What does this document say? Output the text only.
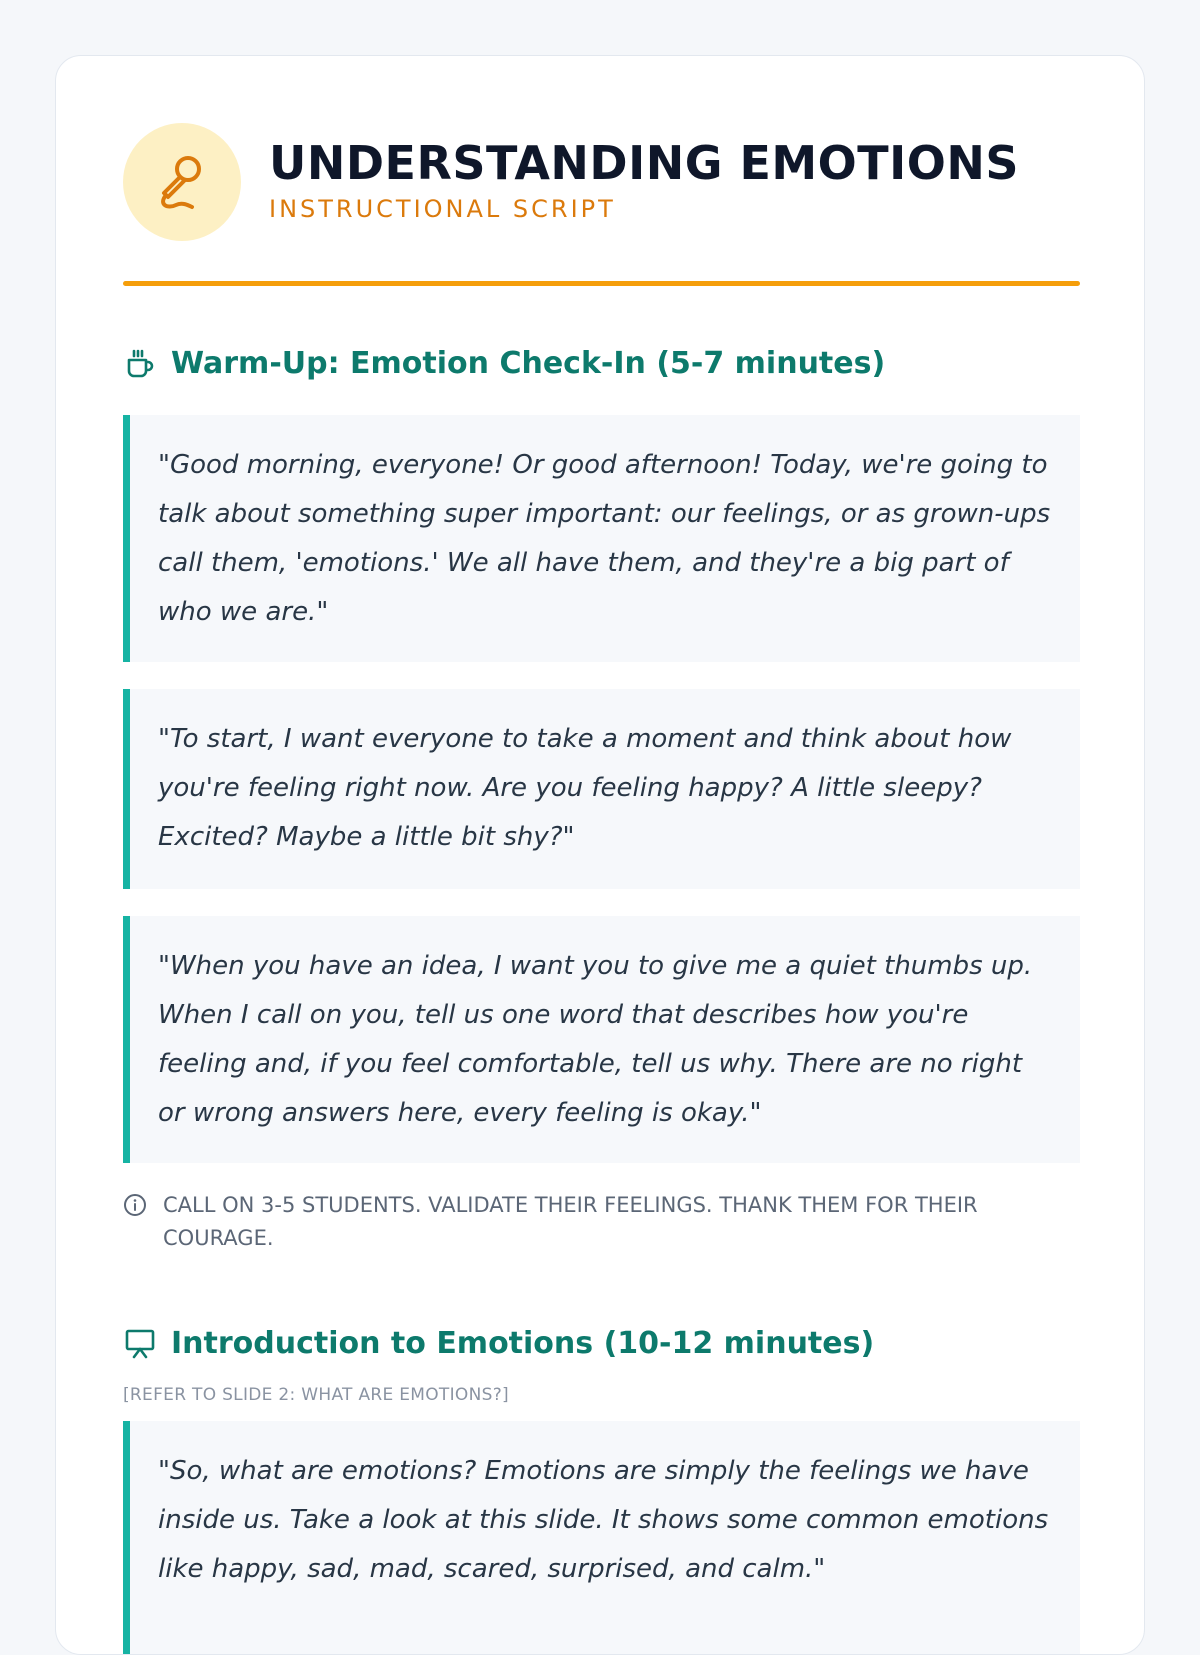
UNDERSTANDING EMOTIONS
INSTRUCTIONAL SCRIPT
Warm-Up: Emotion Check-In (5-7 minutes)
"Good morning, everyone! Or good afternoon! Today, we're going to talk about something super important: our feelings, or as grown-ups call them, 'emotions.' We all have them, and they're a big part of who we are."
"To start, I want everyone to take a moment and think about how you're feeling right now. Are you feeling happy? A little sleepy? Excited? Maybe a little bit shy?"
"When you have an idea, I want you to give me a quiet thumbs up. When I call on you, tell us one word that describes how you're feeling and, if you feel comfortable, tell us why. There are no right or wrong answers here, every feeling is okay."
CALL ON 3-5 STUDENTS. VALIDATE THEIR FEELINGS. THANK THEM FOR THEIR COURAGE.
Introduction to Emotions (10-12 minutes)
[REFER TO SLIDE 2: WHAT ARE EMOTIONS?]
"So, what are emotions? Emotions are simply the feelings we have inside us. Take a look at this slide. It shows some common emotions like happy, sad, mad, scared, surprised, and calm."
